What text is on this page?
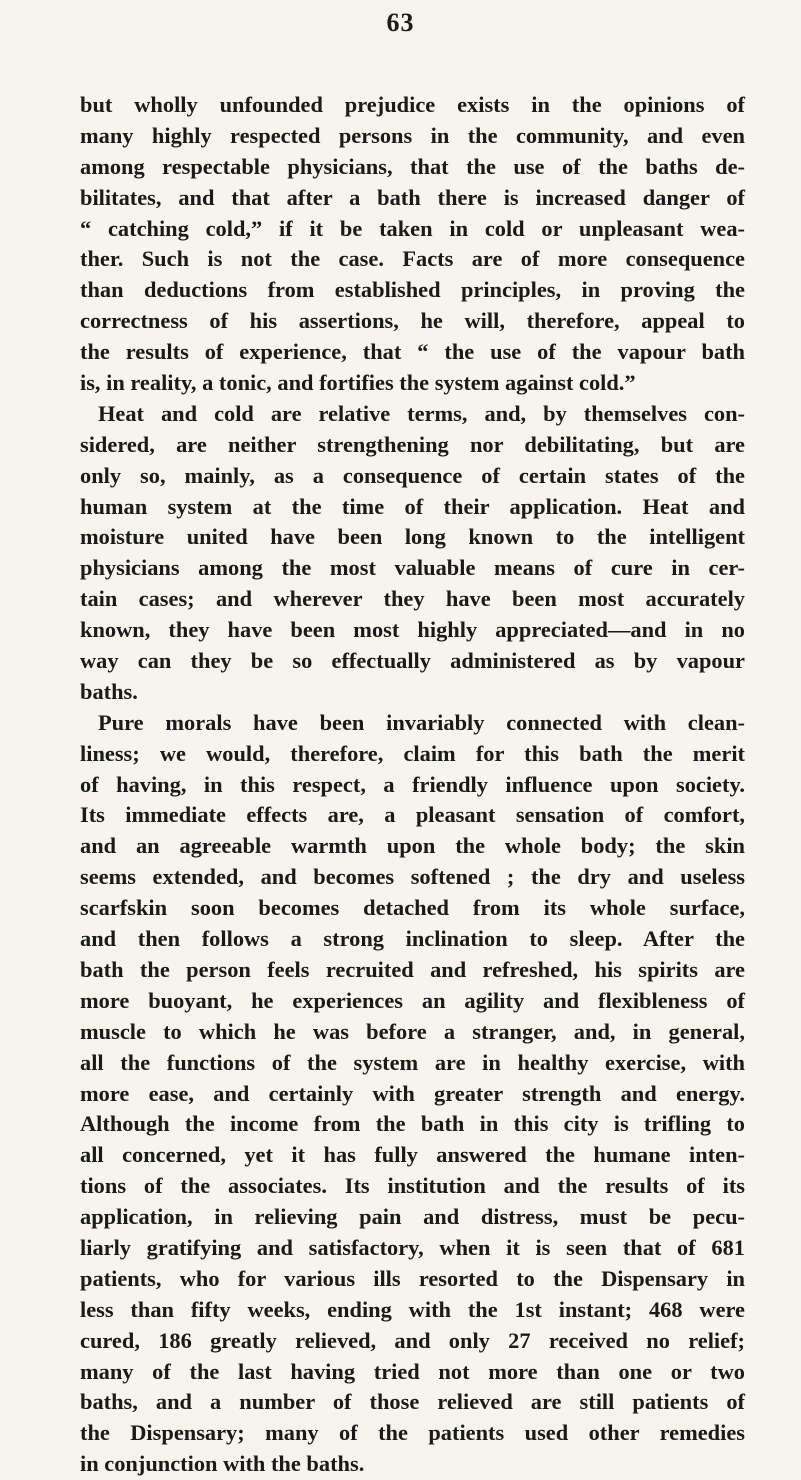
63
but wholly unfounded prejudice exists in the opinions of
many highly respected persons in the community, and even
among respectable physicians, that the use of the baths de-
bilitates, and that after a bath there is increased danger of
“ catching cold,” if it be taken in cold or unpleasant wea-
ther. Such is not the case. Facts are of more consequence
than deductions from established principles, in proving the
correctness of his assertions, he will, therefore, appeal to
the results of experience, that “ the use of the vapour bath
is, in reality, a tonic, and fortifies the system against cold.”
Heat and cold are relative terms, and, by themselves con-
sidered, are neither strengthening nor debilitating, but are
only so, mainly, as a consequence of certain states of the
human system at the time of their application. Heat and
moisture united have been long known to the intelligent
physicians among the most valuable means of cure in cer-
tain cases; and wherever they have been most accurately
known, they have been most highly appreciated—and in no
way can they be so effectually administered as by vapour
baths.
Pure morals have been invariably connected with clean-
liness; we would, therefore, claim for this bath the merit
of having, in this respect, a friendly influence upon society.
Its immediate effects are, a pleasant sensation of comfort,
and an agreeable warmth upon the whole body; the skin
seems extended, and becomes softened ; the dry and useless
scarfskin soon becomes detached from its whole surface,
and then follows a strong inclination to sleep. After the
bath the person feels recruited and refreshed, his spirits are
more buoyant, he experiences an agility and flexibleness of
muscle to which he was before a stranger, and, in general,
all the functions of the system are in healthy exercise, with
more ease, and certainly with greater strength and energy.
Although the income from the bath in this city is trifling to
all concerned, yet it has fully answered the humane inten-
tions of the associates. Its institution and the results of its
application, in relieving pain and distress, must be pecu-
liarly gratifying and satisfactory, when it is seen that of 681
patients, who for various ills resorted to the Dispensary in
less than fifty weeks, ending with the 1st instant; 468 were
cured, 186 greatly relieved, and only 27 received no relief;
many of the last having tried not more than one or two
baths, and a number of those relieved are still patients of
the Dispensary; many of the patients used other remedies
in conjunction with the baths.
